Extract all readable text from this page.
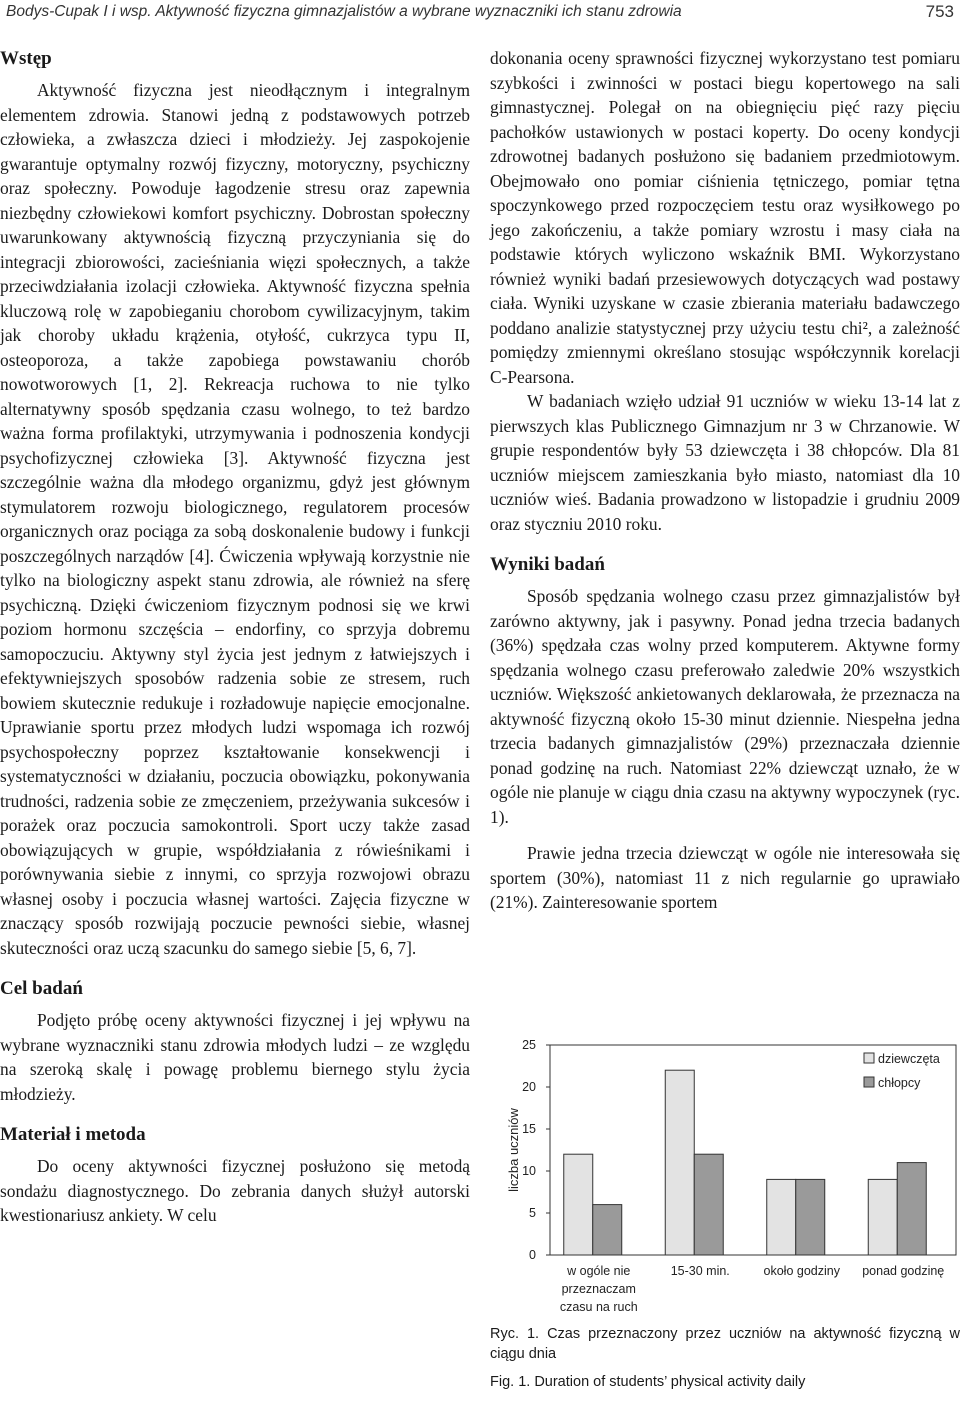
Bodys-Cupak I i wsp. Aktywność fizyczna gimnazjalistów a wybrane wyznaczniki ich stanu zdrowia	753
Wstęp

Aktywność fizyczna jest nieodłącznym i integralnym elementem zdrowia. Stanowi jedną z podstawowych potrzeb człowieka, a zwłaszcza dzieci i młodzieży. Jej zaspokojenie gwarantuje optymalny rozwój fizyczny, motoryczny, psychiczny oraz społeczny. Powoduje łagodzenie stresu oraz zapewnia niezbędny człowiekowi komfort psychiczny. Dobrostan społeczny uwarunkowany aktywnością fizyczną przyczyniania się do integracji zbiorowości, zacieśniania więzi społecznych, a także przeciwdziałania izolacji człowieka. Aktywność fizyczna spełnia kluczową rolę w zapobieganiu chorobom cywilizacyjnym, takim jak choroby układu krążenia, otyłość, cukrzyca typu II, osteoporoza, a także zapobiega powstawaniu chorób nowotworowych [1, 2]. Rekreacja ruchowa to nie tylko alternatywny sposób spędzania czasu wolnego, to też bardzo ważna forma profilaktyki, utrzymywania i podnoszenia kondycji psychofizycznej człowieka [3]. Aktywność fizyczna jest szczególnie ważna dla młodego organizmu, gdyż jest głównym stymulatorem rozwoju biologicznego, regulatorem procesów organicznych oraz pociąga za sobą doskonalenie budowy i funkcji poszczególnych narządów [4]. Ćwiczenia wpływają korzystnie nie tylko na biologiczny aspekt stanu zdrowia, ale również na sferę psychiczną. Dzięki ćwiczeniom fizycznym podnosi się we krwi poziom hormonu szczęścia – endorfiny, co sprzyja dobremu samopoczuciu. Aktywny styl życia jest jednym z łatwiejszych i efektywniejszych sposobów radzenia sobie ze stresem, ruch bowiem skutecznie redukuje i rozładowuje napięcie emocjonalne. Uprawianie sportu przez młodych ludzi wspomaga ich rozwój psychospołeczny poprzez kształtowanie konsekwencji i systematyczności w działaniu, poczucia obowiązku, pokonywania trudności, radzenia sobie ze zmęczeniem, przeżywania sukcesów i porażek oraz poczucia samokontroli. Sport uczy także zasad obowiązujących w grupie, współdziałania z rówieśnikami i porównywania siebie z innymi, co sprzyja rozwojowi obrazu własnej osoby i poczucia własnej wartości. Zajęcia fizyczne w znaczący sposób rozwijają poczucie pewności siebie, własnej skuteczności oraz uczą szacunku do samego siebie [5, 6, 7].

Cel badań

Podjęto próbę oceny aktywności fizycznej i jej wpływu na wybrane wyznaczniki stanu zdrowia młodych ludzi – ze względu na szeroką skalę i powagę problemu biernego stylu życia młodzieży.

Materiał i metoda

Do oceny aktywności fizycznej posłużono się metodą sondażu diagnostycznego. Do zebrania danych służył autorski kwestionariusz ankiety. W celu

dokonania oceny sprawności fizycznej wykorzystano test pomiaru szybkości i zwinności w postaci biegu kopertowego na sali gimnastycznej. Polegał on na obiegnięciu pięć razy pięciu pachołków ustawionych w postaci koperty. Do oceny kondycji zdrowotnej badanych posłużono się badaniem przedmiotowym. Obejmowało ono pomiar ciśnienia tętniczego, pomiar tętna spoczynkowego przed rozpoczęciem testu oraz wysiłkowego po jego zakończeniu, a także pomiary wzrostu i masy ciała na podstawie których wyliczono wskaźnik BMI. Wykorzystano również wyniki badań przesiewowych dotyczących wad postawy ciała. Wyniki uzyskane w czasie zbierania materiału badawczego poddano analizie statystycznej przy użyciu testu chi², a zależność pomiędzy zmiennymi określano stosując współczynnik korelacji C-Pearsona.

W badaniach wzięło udział 91 uczniów w wieku 13-14 lat z pierwszych klas Publicznego Gimnazjum nr 3 w Chrzanowie. W grupie respondentów były 53 dziewczęta i 38 chłopców. Dla 81 uczniów miejscem zamieszkania było miasto, natomiast dla 10 uczniów wieś. Badania prowadzono w listopadzie i grudniu 2009 oraz styczniu 2010 roku.

Wyniki badań

Sposób spędzania wolnego czasu przez gimnazjalistów był zarówno aktywny, jak i pasywny. Ponad jedna trzecia badanych (36%) spędzała czas wolny przed komputerem. Aktywne formy spędzania wolnego czasu preferowało zaledwie 20% wszystkich uczniów. Większość ankietowanych deklarowała, że przeznacza na aktywność fizyczną około 15-30 minut dziennie. Niespełna jedna trzecia badanych gimnazjalistów (29%) przeznaczała dziennie ponad godzinę na ruch. Natomiast 22% dziewcząt uznało, że w ogóle nie planuje w ciągu dnia czasu na aktywny wypoczynek (ryc. 1).

Prawie jedna trzecia dziewcząt w ogóle nie interesowała się sportem (30%), natomiast 11 z nich regularnie go uprawiało (21%). Zainteresowanie sportem

0
5
10
15
20
25
liczba uczniów
w ogóle nie
przeznaczam
czasu na ruch
15-30 min.	około godziny ponad godzinę
dziewczęta
chłopcy
Ryc. 1. Czas przeznaczony przez uczniów na aktywność fizyczną w ciągu dnia
Fig. 1. Duration of students’ physical activity daily
